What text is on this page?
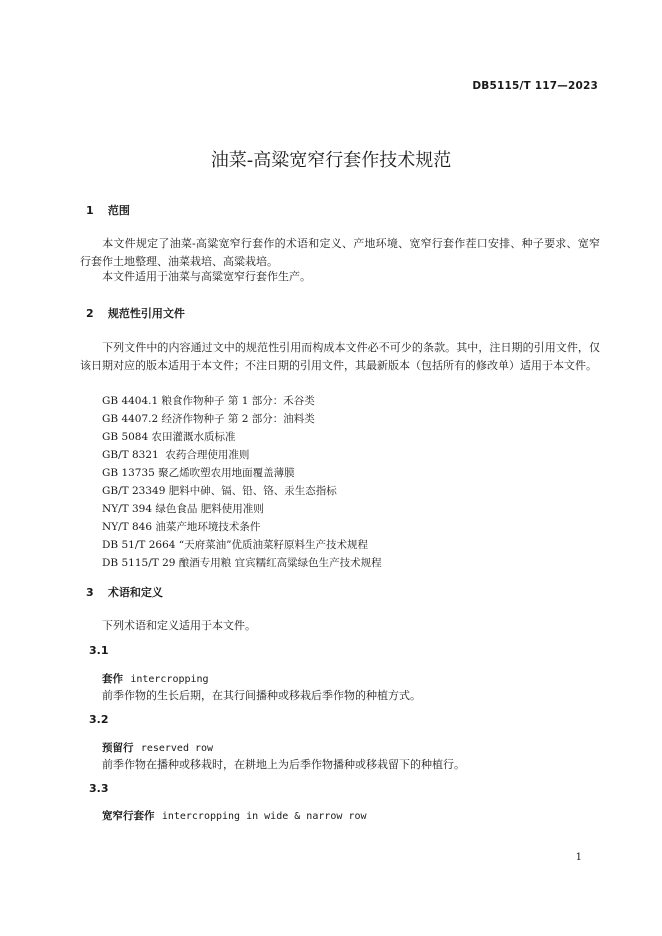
DB5115/T 117—2023
油菜-高粱宽窄行套作技术规范
1 范围
本文件规定了油菜-高粱宽窄行套作的术语和定义、产地环境、宽窄行套作茬口安排、种子要求、宽窄行套作土地整理、油菜栽培、高粱栽培。
本文件适用于油菜与高粱宽窄行套作生产。
2 规范性引用文件
下列文件中的内容通过文中的规范性引用而构成本文件必不可少的条款。其中，注日期的引用文件，仅该日期对应的版本适用于本文件；不注日期的引用文件，其最新版本（包括所有的修改单）适用于本文件。
GB 4404.1 粮食作物种子 第 1 部分：禾谷类
GB 4407.2 经济作物种子 第 2 部分：油料类
GB 5084 农田灌溉水质标准
GB/T 8321  农药合理使用准则
GB 13735 聚乙烯吹塑农用地面覆盖薄膜
GB/T 23349 肥料中砷、镉、铅、铬、汞生态指标
NY/T 394 绿色食品 肥料使用准则
NY/T 846 油菜产地环境技术条件
DB 51/T 2664 “天府菜油”优质油菜籽原料生产技术规程
DB 5115/T 29 酿酒专用粮 宜宾糯红高粱绿色生产技术规程
3 术语和定义
下列术语和定义适用于本文件。
3.1
套作 intercropping
前季作物的生长后期，在其行间播种或移栽后季作物的种植方式。
3.2
预留行 reserved row
前季作物在播种或移栽时，在耕地上为后季作物播种或移栽留下的种植行。
3.3
宽窄行套作 intercropping in wide & narrow row
1
